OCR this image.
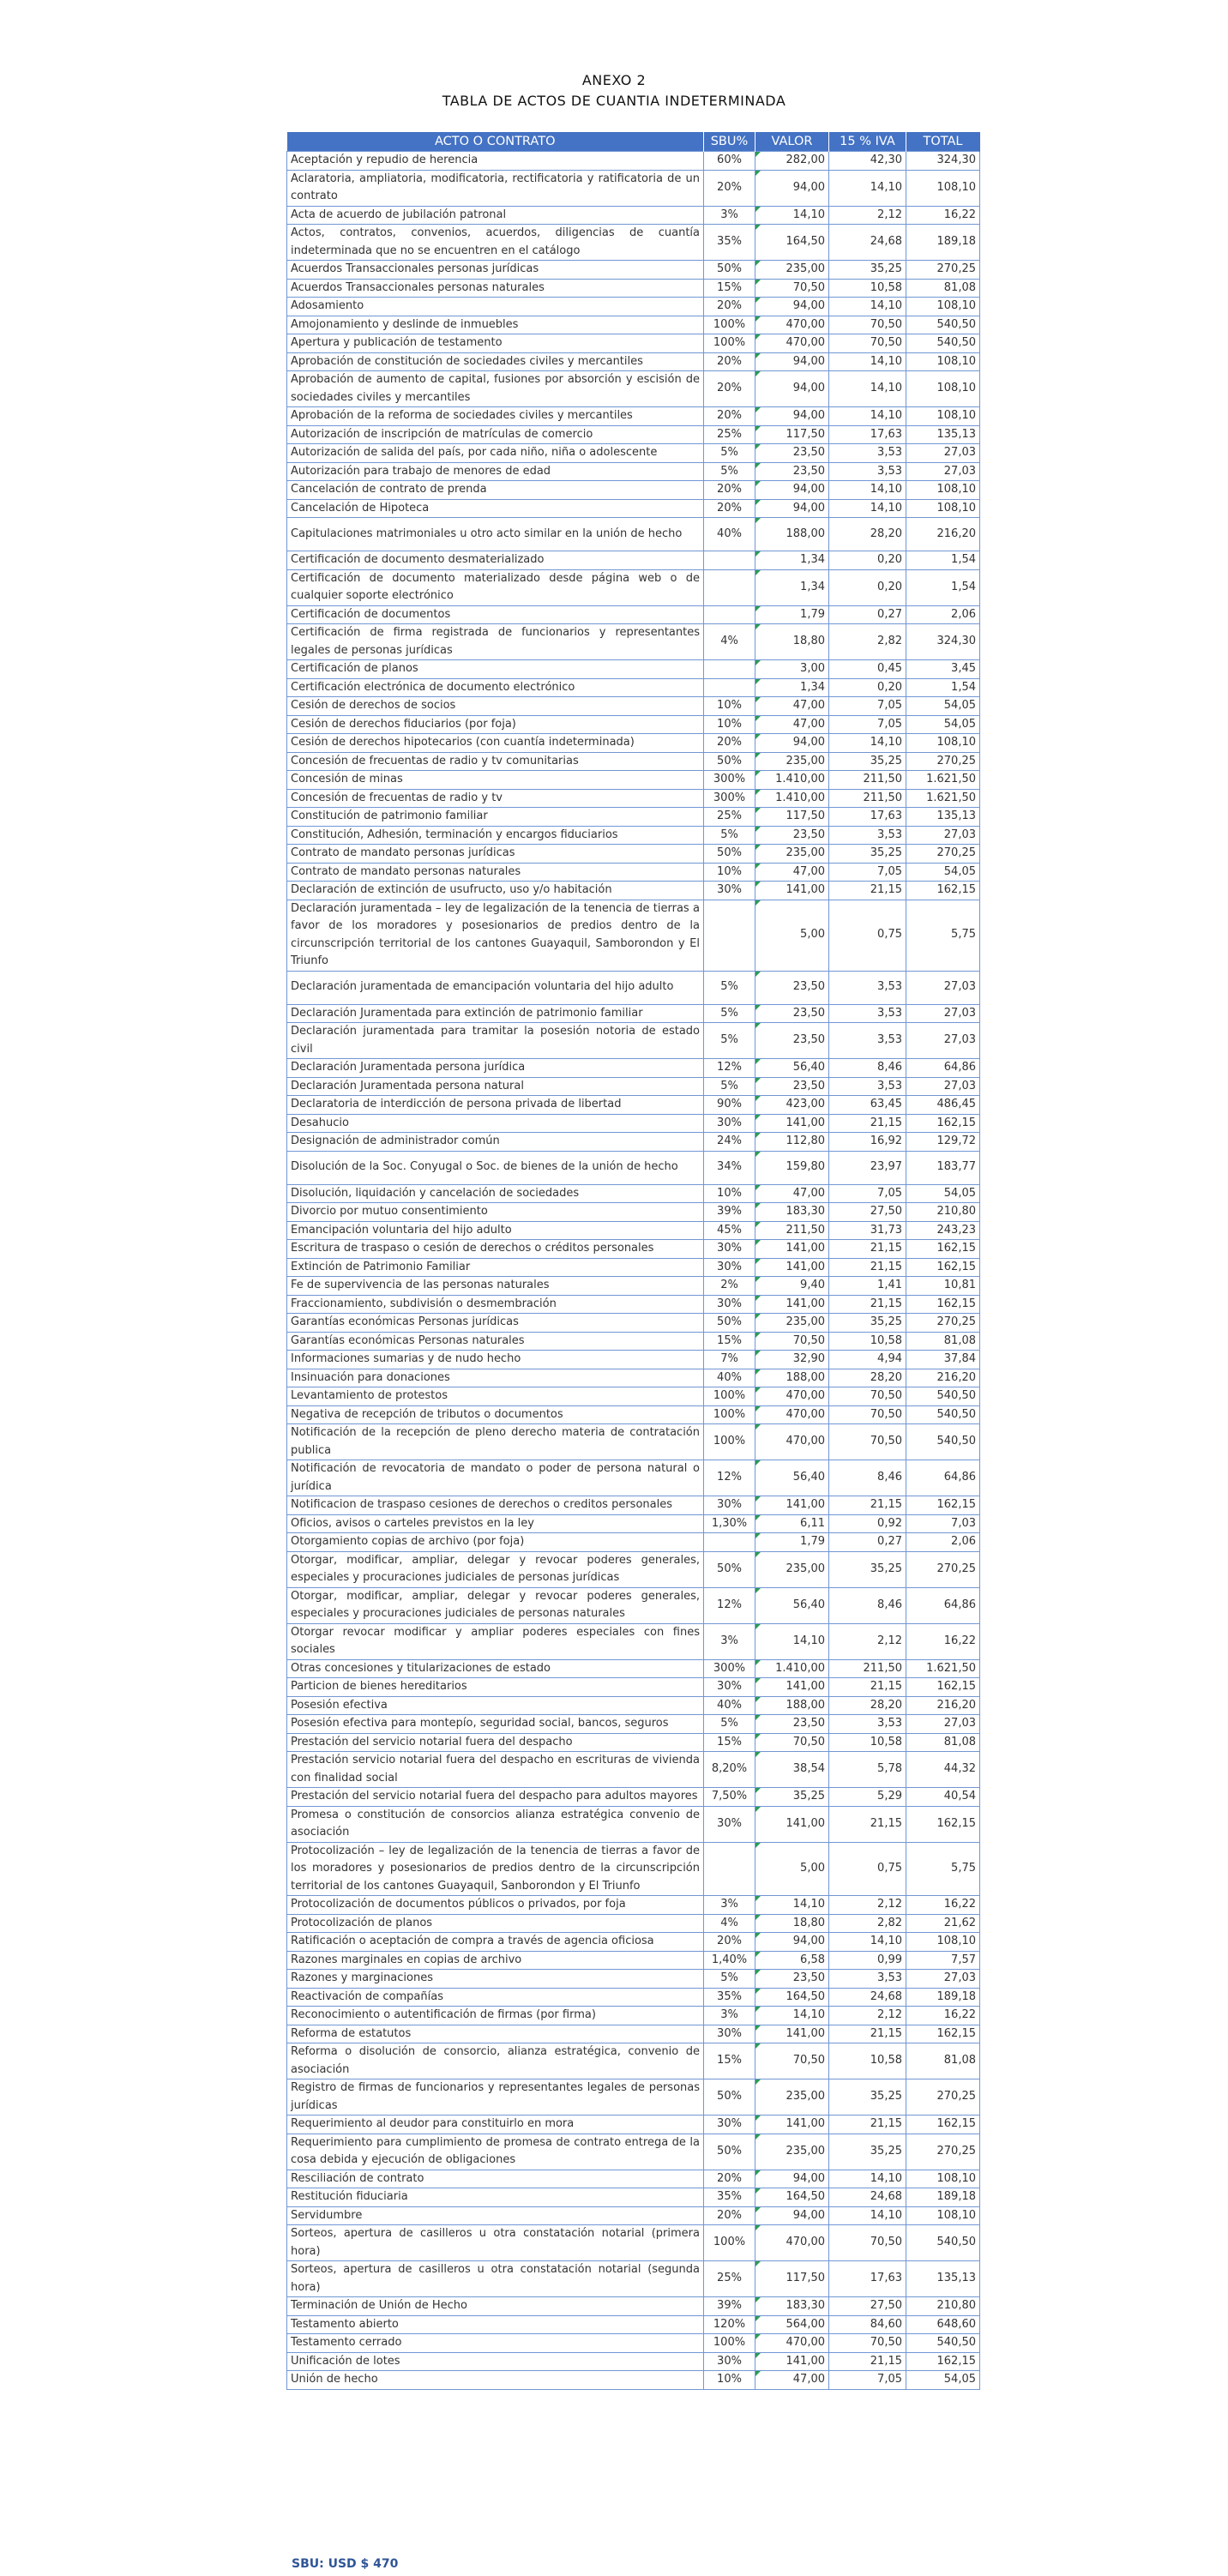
ANEXO 2
TABLA DE ACTOS DE CUANTIA INDETERMINADA
ACTO O CONTRATO	SBU%	VALOR	15 % IVA	TOTAL
Aceptación y repudio de herencia	60%	282,00	42,30	324,30
Aclaratoria, ampliatoria, modificatoria, rectificatoria y ratificatoria de un contrato	20%	94,00	14,10	108,10
Acta de acuerdo de jubilación patronal	3%	14,10	2,12	16,22
Actos, contratos, convenios, acuerdos, diligencias de cuantía indeterminada que no se encuentren en el catálogo	35%	164,50	24,68	189,18
Acuerdos Transaccionales personas jurídicas	50%	235,00	35,25	270,25
Acuerdos Transaccionales personas naturales	15%	70,50	10,58	81,08
Adosamiento	20%	94,00	14,10	108,10
Amojonamiento y deslinde de inmuebles	100%	470,00	70,50	540,50
Apertura y publicación de testamento	100%	470,00	70,50	540,50
Aprobación de constitución de sociedades civiles y mercantiles	20%	94,00	14,10	108,10
Aprobación de aumento de capital, fusiones por absorción y escisión de sociedades civiles y mercantiles	20%	94,00	14,10	108,10
Aprobación de la reforma de sociedades civiles y mercantiles	20%	94,00	14,10	108,10
Autorización de inscripción de matrículas de comercio	25%	117,50	17,63	135,13
Autorización de salida del país, por cada niño, niña o adolescente	5%	23,50	3,53	27,03
Autorización para trabajo de menores de edad	5%	23,50	3,53	27,03
Cancelación de contrato de prenda	20%	94,00	14,10	108,10
Cancelación de Hipoteca	20%	94,00	14,10	108,10
Capitulaciones matrimoniales u otro acto similar en la unión de hecho	40%	188,00	28,20	216,20
Certificación de documento desmaterializado		1,34	0,20	1,54
Certificación de documento materializado desde página web o de cualquier soporte electrónico		1,34	0,20	1,54
Certificación de documentos		1,79	0,27	2,06
Certificación de firma registrada de funcionarios y representantes legales de personas jurídicas	4%	18,80	2,82	324,30
Certificación de planos		3,00	0,45	3,45
Certificación electrónica de documento electrónico		1,34	0,20	1,54
Cesión de derechos de socios	10%	47,00	7,05	54,05
Cesión de derechos fiduciarios (por foja)	10%	47,00	7,05	54,05
Cesión de derechos hipotecarios (con cuantía indeterminada)	20%	94,00	14,10	108,10
Concesión de frecuentas de radio y tv comunitarias	50%	235,00	35,25	270,25
Concesión de minas	300%	1.410,00	211,50	1.621,50
Concesión de frecuentas de radio y tv	300%	1.410,00	211,50	1.621,50
Constitución de patrimonio familiar	25%	117,50	17,63	135,13
Constitución, Adhesión, terminación y encargos fiduciarios	5%	23,50	3,53	27,03
Contrato de mandato personas jurídicas	50%	235,00	35,25	270,25
Contrato de mandato personas naturales	10%	47,00	7,05	54,05
Declaración de extinción de usufructo, uso y/o habitación	30%	141,00	21,15	162,15
Declaración juramentada – ley de legalización de la tenencia de tierras a favor de los moradores y posesionarios de predios dentro de la circunscripción territorial de los cantones Guayaquil, Samborondon y El Triunfo		5,00	0,75	5,75
Declaración juramentada de emancipación voluntaria del hijo adulto	5%	23,50	3,53	27,03
Declaración Juramentada para extinción de patrimonio familiar	5%	23,50	3,53	27,03
Declaración juramentada para tramitar la posesión notoria de estado civil	5%	23,50	3,53	27,03
Declaración Juramentada persona jurídica	12%	56,40	8,46	64,86
Declaración Juramentada persona natural	5%	23,50	3,53	27,03
Declaratoria de interdicción de persona privada de libertad	90%	423,00	63,45	486,45
Desahucio	30%	141,00	21,15	162,15
Designación de administrador común	24%	112,80	16,92	129,72
Disolución de la Soc. Conyugal o Soc. de bienes de la unión de hecho	34%	159,80	23,97	183,77
Disolución, liquidación y cancelación de sociedades	10%	47,00	7,05	54,05
Divorcio por mutuo consentimiento	39%	183,30	27,50	210,80
Emancipación voluntaria del hijo adulto	45%	211,50	31,73	243,23
Escritura de traspaso o cesión de derechos o créditos personales	30%	141,00	21,15	162,15
Extinción de Patrimonio Familiar	30%	141,00	21,15	162,15
Fe de supervivencia de las personas naturales	2%	9,40	1,41	10,81
Fraccionamiento, subdivisión o desmembración	30%	141,00	21,15	162,15
Garantías económicas Personas jurídicas	50%	235,00	35,25	270,25
Garantías económicas Personas naturales	15%	70,50	10,58	81,08
Informaciones sumarias y de nudo hecho	7%	32,90	4,94	37,84
Insinuación para donaciones	40%	188,00	28,20	216,20
Levantamiento de protestos	100%	470,00	70,50	540,50
Negativa de recepción de tributos o documentos	100%	470,00	70,50	540,50
Notificación de la recepción de pleno derecho materia de contratación publica	100%	470,00	70,50	540,50
Notificación de revocatoria de mandato o poder de persona natural o jurídica	12%	56,40	8,46	64,86
Notificacion de traspaso cesiones de derechos o creditos personales	30%	141,00	21,15	162,15
Oficios, avisos o carteles previstos en la ley	1,30%	6,11	0,92	7,03
Otorgamiento copias de archivo (por foja)		1,79	0,27	2,06
Otorgar, modificar, ampliar, delegar y revocar poderes generales, especiales y procuraciones judiciales de personas jurídicas	50%	235,00	35,25	270,25
Otorgar, modificar, ampliar, delegar y revocar poderes generales, especiales y procuraciones judiciales de personas naturales	12%	56,40	8,46	64,86
Otorgar revocar modificar y ampliar poderes especiales con fines sociales	3%	14,10	2,12	16,22
Otras concesiones y titularizaciones de estado	300%	1.410,00	211,50	1.621,50
Particion de bienes hereditarios	30%	141,00	21,15	162,15
Posesión efectiva	40%	188,00	28,20	216,20
Posesión efectiva para montepío, seguridad social, bancos, seguros	5%	23,50	3,53	27,03
Prestación del servicio notarial fuera del despacho	15%	70,50	10,58	81,08
Prestación servicio notarial fuera del despacho en escrituras de vivienda con finalidad social	8,20%	38,54	5,78	44,32
Prestación del servicio notarial fuera del despacho para adultos mayores	7,50%	35,25	5,29	40,54
Promesa o constitución de consorcios alianza estratégica convenio de asociación	30%	141,00	21,15	162,15
Protocolización – ley de legalización de la tenencia de tierras a favor de los moradores y posesionarios de predios dentro de la circunscripción territorial de los cantones Guayaquil, Sanborondon y El Triunfo		5,00	0,75	5,75
Protocolización de documentos públicos o privados, por foja	3%	14,10	2,12	16,22
Protocolización de planos	4%	18,80	2,82	21,62
Ratificación o aceptación de compra a través de agencia oficiosa	20%	94,00	14,10	108,10
Razones marginales en copias de archivo	1,40%	6,58	0,99	7,57
Razones y marginaciones	5%	23,50	3,53	27,03
Reactivación de compañías	35%	164,50	24,68	189,18
Reconocimiento o autentificación de firmas (por firma)	3%	14,10	2,12	16,22
Reforma de estatutos	30%	141,00	21,15	162,15
Reforma o disolución de consorcio, alianza estratégica, convenio de asociación	15%	70,50	10,58	81,08
Registro de firmas de funcionarios y representantes legales de personas jurídicas	50%	235,00	35,25	270,25
Requerimiento al deudor para constituirlo en mora	30%	141,00	21,15	162,15
Requerimiento para cumplimiento de promesa de contrato entrega de la cosa debida y ejecución de obligaciones	50%	235,00	35,25	270,25
Resciliación de contrato	20%	94,00	14,10	108,10
Restitución fiduciaria	35%	164,50	24,68	189,18
Servidumbre	20%	94,00	14,10	108,10
Sorteos, apertura de casilleros u otra constatación notarial (primera hora)	100%	470,00	70,50	540,50
Sorteos, apertura de casilleros u otra constatación notarial (segunda hora)	25%	117,50	17,63	135,13
Terminación de Unión de Hecho	39%	183,30	27,50	210,80
Testamento abierto	120%	564,00	84,60	648,60
Testamento cerrado	100%	470,00	70,50	540,50
Unificación de lotes	30%	141,00	21,15	162,15
Unión de hecho	10%	47,00	7,05	54,05
SBU: USD $ 470
